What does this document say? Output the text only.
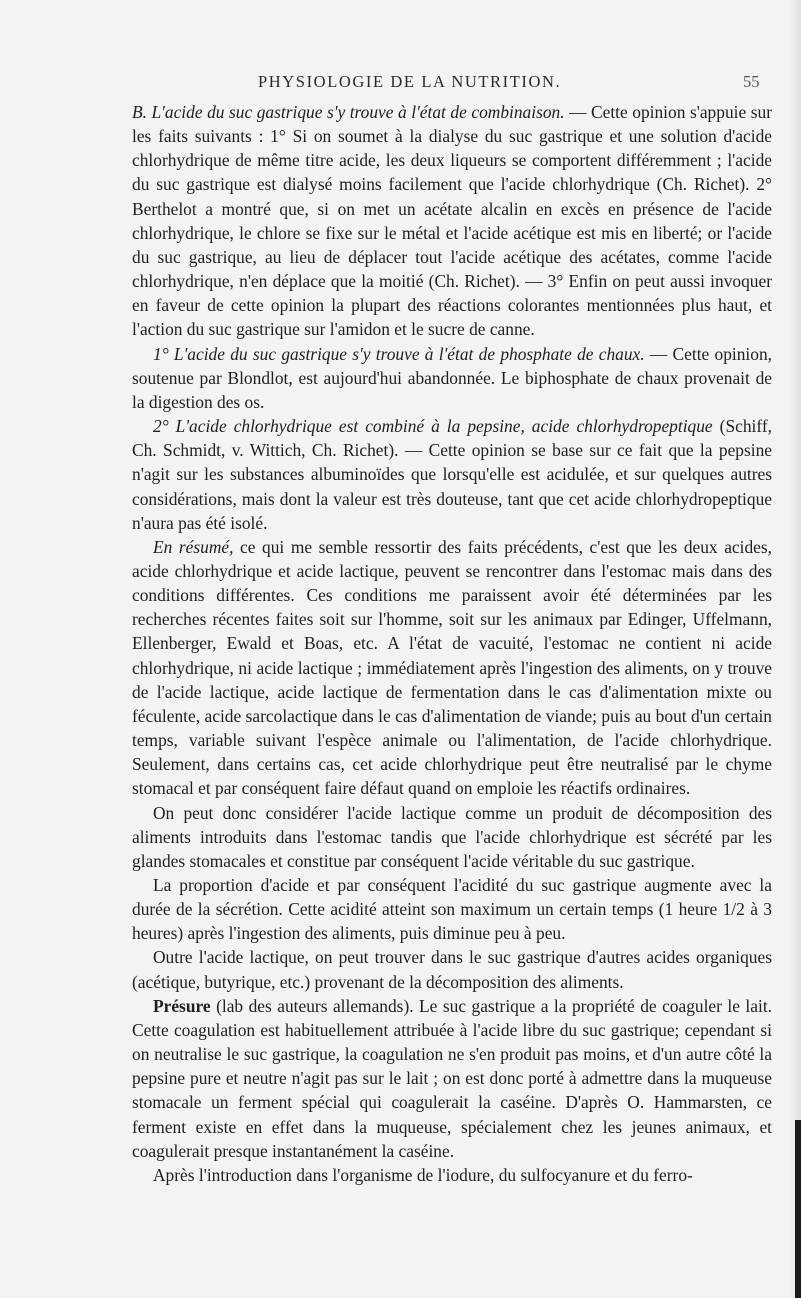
PHYSIOLOGIE DE LA NUTRITION.	55

B. L'acide du suc gastrique s'y trouve à l'état de combinaison. — Cette opinion s'appuie sur les faits suivants : 1° Si on soumet à la dialyse du suc gastrique et une solution d'acide chlorhydrique de même titre acide, les deux liqueurs se comportent différemment ; l'acide du suc gastrique est dialysé moins facilement que l'acide chlorhydrique (Ch. Richet). 2° Berthelot a montré que, si on met un acétate alcalin en excès en présence de l'acide chlorhydrique, le chlore se fixe sur le métal et l'acide acétique est mis en liberté; or l'acide du suc gastrique, au lieu de déplacer tout l'acide acétique des acétates, comme l'acide chlorhydrique, n'en déplace que la moitié (Ch. Richet). — 3° Enfin on peut aussi invoquer en faveur de cette opinion la plupart des réactions colorantes mentionnées plus haut, et l'action du suc gastrique sur l'amidon et le sucre de canne.

1° L'acide du suc gastrique s'y trouve à l'état de phosphate de chaux. — Cette opinion, soutenue par Blondlot, est aujourd'hui abandonnée. Le biphosphate de chaux provenait de la digestion des os.

2° L'acide chlorhydrique est combiné à la pepsine, acide chlorhydropeptique (Schiff, Ch. Schmidt, v. Wittich, Ch. Richet). — Cette opinion se base sur ce fait que la pepsine n'agit sur les substances albuminoïdes que lorsqu'elle est acidulée, et sur quelques autres considérations, mais dont la valeur est très douteuse, tant que cet acide chlorhydropeptique n'aura pas été isolé.

En résumé, ce qui me semble ressortir des faits précédents, c'est que les deux acides, acide chlorhydrique et acide lactique, peuvent se rencontrer dans l'estomac mais dans des conditions différentes. Ces conditions me paraissent avoir été déterminées par les recherches récentes faites soit sur l'homme, soit sur les animaux par Edinger, Uffelmann, Ellenberger, Ewald et Boas, etc. A l'état de vacuité, l'estomac ne contient ni acide chlorhydrique, ni acide lactique ; immédiatement après l'ingestion des aliments, on y trouve de l'acide lactique, acide lactique de fermentation dans le cas d'alimentation mixte ou féculente, acide sarcolactique dans le cas d'alimentation de viande; puis au bout d'un certain temps, variable suivant l'espèce animale ou l'alimentation, de l'acide chlorhydrique. Seulement, dans certains cas, cet acide chlorhydrique peut être neutralisé par le chyme stomacal et par conséquent faire défaut quand on emploie les réactifs ordinaires.

On peut donc considérer l'acide lactique comme un produit de décomposition des aliments introduits dans l'estomac tandis que l'acide chlorhydrique est sécrété par les glandes stomacales et constitue par conséquent l'acide véritable du suc gastrique.

La proportion d'acide et par conséquent l'acidité du suc gastrique augmente avec la durée de la sécrétion. Cette acidité atteint son maximum un certain temps (1 heure 1/2 à 3 heures) après l'ingestion des aliments, puis diminue peu à peu.

Outre l'acide lactique, on peut trouver dans le suc gastrique d'autres acides organiques (acétique, butyrique, etc.) provenant de la décomposition des aliments.

Présure (lab des auteurs allemands). Le suc gastrique a la propriété de coaguler le lait. Cette coagulation est habituellement attribuée à l'acide libre du suc gastrique; cependant si on neutralise le suc gastrique, la coagulation ne s'en produit pas moins, et d'un autre côté la pepsine pure et neutre n'agit pas sur le lait ; on est donc porté à admettre dans la muqueuse stomacale un ferment spécial qui coagulerait la caséine. D'après O. Hammarsten, ce ferment existe en effet dans la muqueuse, spécialement chez les jeunes animaux, et coagulerait presque instantanément la caséine.

Après l'introduction dans l'organisme de l'iodure, du sulfocyanure et du ferro-
